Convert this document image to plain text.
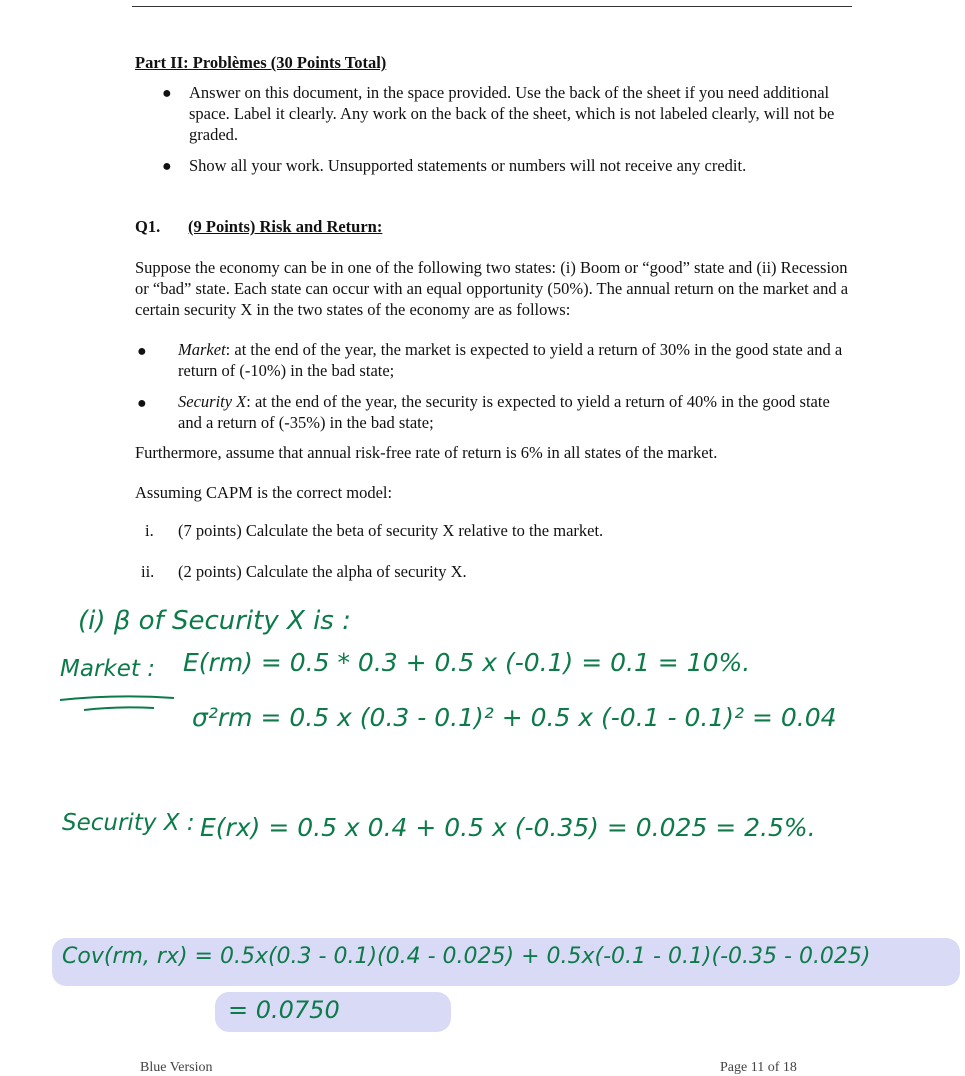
Part II: Problèmes (30 Points Total)
● Answer on this document, in the space provided. Use the back of the sheet if you need additional space. Label it clearly. Any work on the back of the sheet, which is not labeled clearly, will not be graded.
● Show all your work. Unsupported statements or numbers will not receive any credit.
Q1. (9 Points) Risk and Return:
Suppose the economy can be in one of the following two states: (i) Boom or “good” state and (ii) Recession or “bad” state. Each state can occur with an equal opportunity (50%). The annual return on the market and a certain security X in the two states of the economy are as follows:
● Market: at the end of the year, the market is expected to yield a return of 30% in the good state and a return of (-10%) in the bad state;
● Security X: at the end of the year, the security is expected to yield a return of 40% in the good state and a return of (-35%) in the bad state;
Furthermore, assume that annual risk-free rate of return is 6% in all states of the market.
Assuming CAPM is the correct model:
i. (7 points) Calculate the beta of security X relative to the market.
ii. (2 points) Calculate the alpha of security X.
(i) β of Security X is :
Market : E(rm) = 0.5 * 0.3 + 0.5 x (-0.1) = 0.1 = 10%.
σ²rm = 0.5 x (0.3 - 0.1)² + 0.5 x (-0.1 - 0.1)² = 0.04
Security X : E(rx) = 0.5 x 0.4 + 0.5 x (-0.35) = 0.025 = 2.5%.
Cov(rm, rx) = 0.5x(0.3 - 0.1)(0.4 - 0.025) + 0.5x(-0.1 - 0.1)(-0.35 - 0.025)
= 0.0750
Blue Version	Page 11 of 18
